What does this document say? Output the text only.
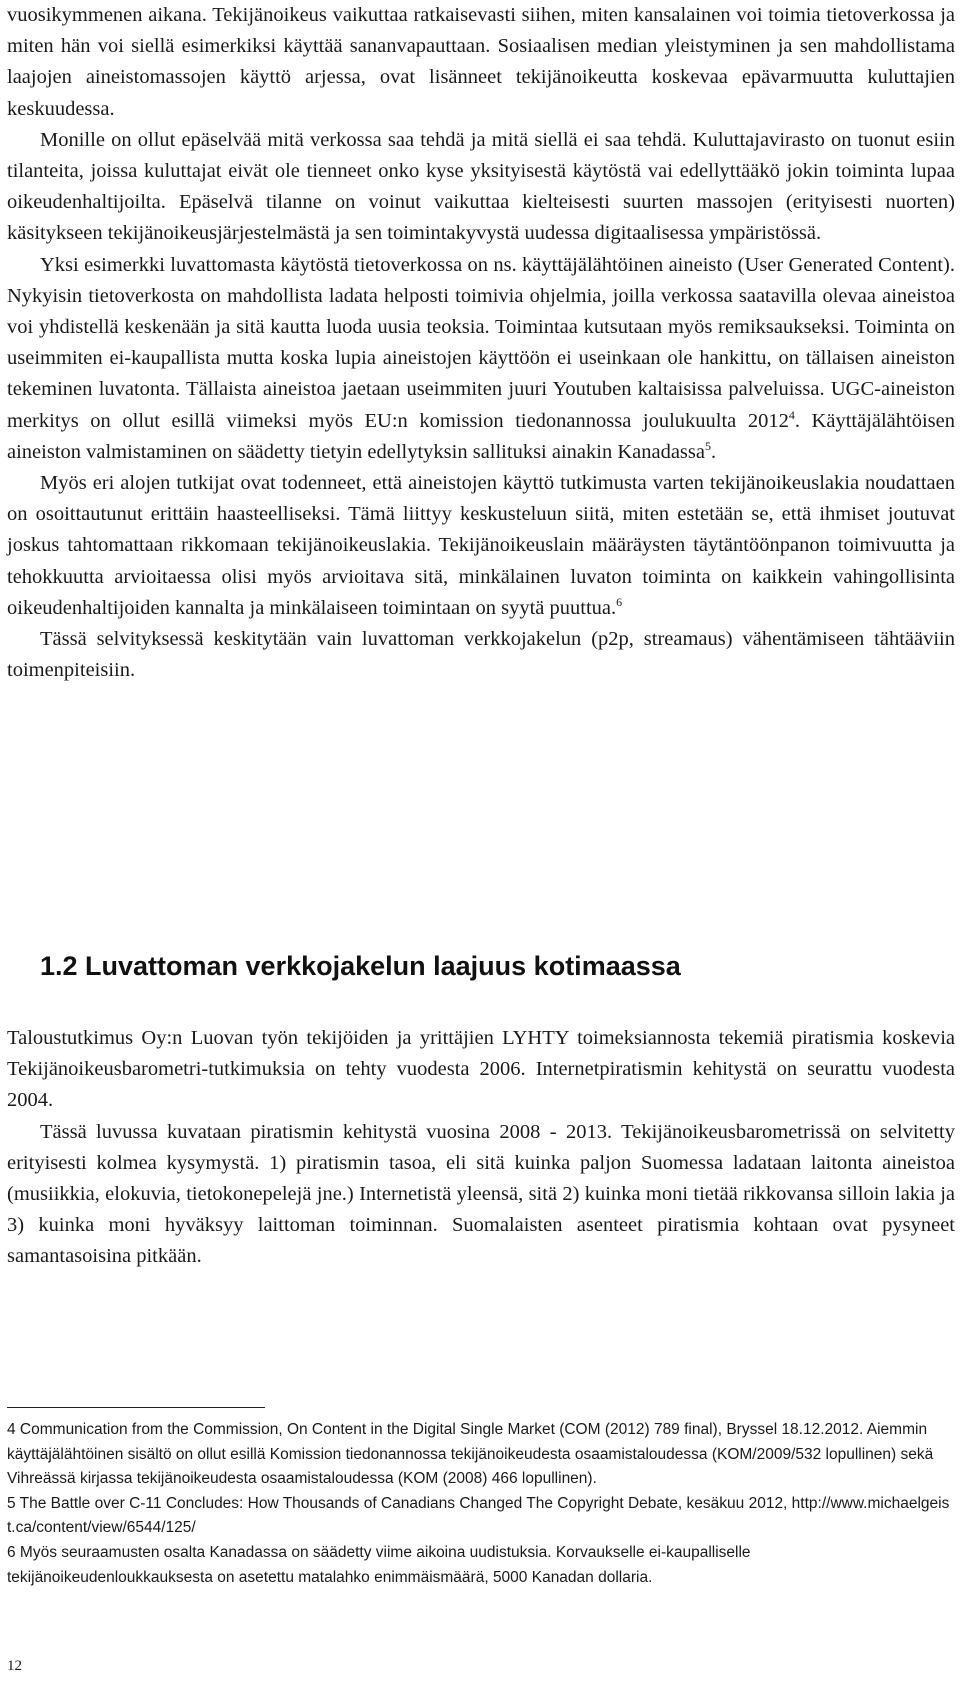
vuosikymmenen aikana. Tekijänoikeus vaikuttaa ratkaisevasti siihen, miten kansalainen voi toimia tietoverkossa ja miten hän voi siellä esimerkiksi käyttää sananvapauttaan. Sosiaalisen median yleistyminen ja sen mahdollistama laajojen aineistomassojen käyttö arjessa, ovat lisänneet tekijänoikeutta koskevaa epävarmuutta kuluttajien keskuudessa.

Monille on ollut epäselvää mitä verkossa saa tehdä ja mitä siellä ei saa tehdä. Kuluttajavirasto on tuonut esiin tilanteita, joissa kuluttajat eivät ole tienneet onko kyse yksityisestä käytöstä vai edellyttääkö jokin toiminta lupaa oikeudenhaltijoilta. Epäselvä tilanne on voinut vaikuttaa kielteisesti suurten massojen (erityisesti nuorten) käsitykseen tekijänoikeusjärjestelmästä ja sen toimintakyvystä uudessa digitaalisessa ympäristössä.

Yksi esimerkki luvattomasta käytöstä tietoverkossa on ns. käyttäjälähtöinen aineisto (User Generated Content). Nykyisin tietoverkosta on mahdollista ladata helposti toimivia ohjelmia, joilla verkossa saatavilla olevaa aineistoa voi yhdistellä keskenään ja sitä kautta luoda uusia teoksia. Toimintaa kutsutaan myös remiksaukseksi. Toiminta on useimmiten ei-kaupallista mutta koska lupia aineistojen käyttöön ei useinkaan ole hankittu, on tällaisen aineiston tekeminen luvatonta. Tällaista aineistoa jaetaan useimmiten juuri Youtuben kaltaisissa palveluissa. UGC-aineiston merkitys on ollut esillä viimeksi myös EU:n komission tiedonannossa joulukuulta 2012$^4$. Käyttäjälähtöisen aineiston valmistaminen on säädetty tietyin edellytyksin sallituksi ainakin Kanadassa$^5$.

Myös eri alojen tutkijat ovat todenneet, että aineistojen käyttö tutkimusta varten tekijänoikeuslakia noudattaen on osoittautunut erittäin haasteelliseksi. Tämä liittyy keskusteluun siitä, miten estetään se, että ihmiset joutuvat joskus tahtomattaan rikkomaan tekijänoikeuslakia. Tekijänoikeuslain määräysten täytäntöönpanon toimivuutta ja tehokkuutta arvioitaessa olisi myös arvioitava sitä, minkälainen luvaton toiminta on kaikkein vahingollisinta oikeudenhaltijoiden kannalta ja minkälaiseen toimintaan on syytä puuttua.$^6$

Tässä selvityksessä keskitytään vain luvattoman verkkojakelun (p2p, streamaus) vähentämiseen tähtääviin toimenpiteisiin.

1.2 Luvattoman verkkojakelun laajuus kotimaassa

Taloustutkimus Oy:n Luovan työn tekijöiden ja yrittäjien LYHTY toimeksiannosta tekemiä piratismia koskevia Tekijänoikeusbarometri-tutkimuksia on tehty vuodesta 2006. Internetpiratismin kehitystä on seurattu vuodesta 2004.

Tässä luvussa kuvataan piratismin kehitystä vuosina 2008 - 2013. Tekijänoikeusbarometrissä on selvitetty erityisesti kolmea kysymystä. 1) piratismin tasoa, eli sitä kuinka paljon Suomessa ladataan laitonta aineistoa (musiikkia, elokuvia, tietokonepelejä jne.) Internetistä yleensä, sitä 2) kuinka moni tietää rikkovansa silloin lakia ja 3) kuinka moni hyväksyy laittoman toiminnan. Suomalaisten asenteet piratismia kohtaan ovat pysyneet samantasoisina pitkään.

4 Communication from the Commission, On Content in the Digital Single Market (COM (2012) 789 final), Bryssel 18.12.2012. Aiemmin käyttäjälähtöinen sisältö on ollut esillä Komission tiedonannossa tekijänoikeudesta osaamistaloudessa (KOM/2009/532 lopullinen) sekä Vihreässä kirjassa tekijänoikeudesta osaamistaloudessa (KOM (2008) 466 lopullinen).

5 The Battle over C-11 Concludes: How Thousands of Canadians Changed The Copyright Debate, kesäkuu 2012, http://www.michaelgeist.ca/content/view/6544/125/

6 Myös seuraamusten osalta Kanadassa on säädetty viime aikoina uudistuksia. Korvaukselle ei-kaupalliselle tekijänoikeudenloukkauksesta on asetettu matalahko enimmäismäärä, 5000 Kanadan dollaria.

12
